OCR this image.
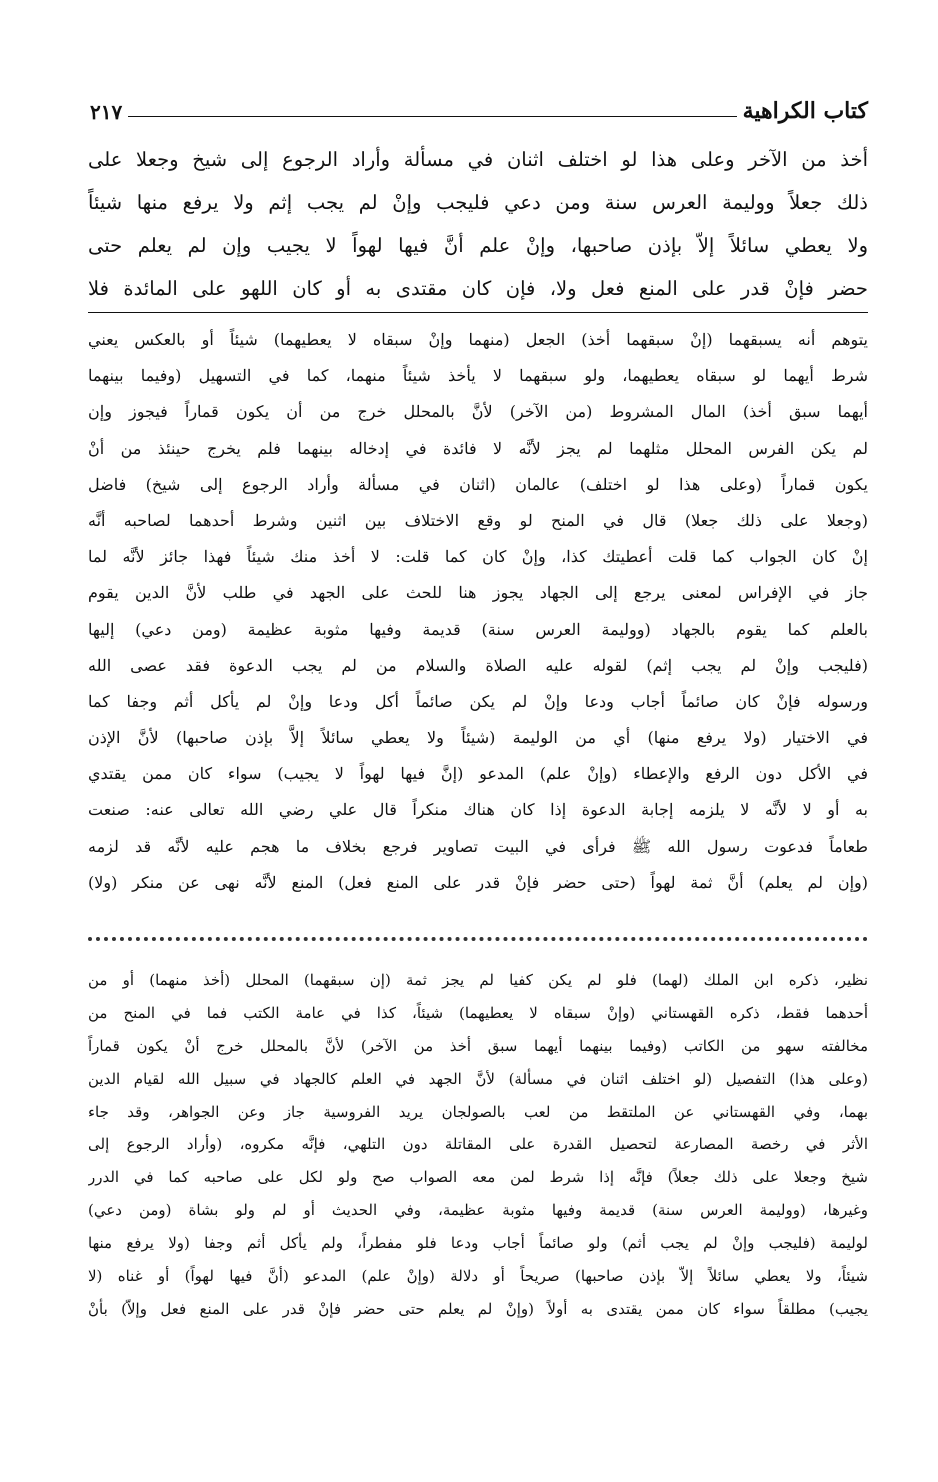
كتاب الكراهية
٢١٧
أخذ من الآخر وعلى هذا لو اختلف اثنان في مسألة وأراد الرجوع إلى شيخ وجعلا على
ذلك جعلاً ووليمة العرس سنة ومن دعي فليجب وإنْ لم يجب إثم ولا يرفع منها شيئاً
ولا يعطي سائلاً إلاّ بإذن صاحبها، وإنْ علم أنَّ فيها لهواً لا يجيب وإن لم يعلم حتى
حضر فإنْ قدر على المنع فعل ولا، فإن كان مقتدى به أو كان اللهو على المائدة فلا
يتوهم أنه يسبقهما (إنْ سبقهما أخذ) الجعل (منهما وإنْ سبقاه لا يعطيهما) شيئاً أو بالعكس يعني
شرط أيهما لو سبقاه يعطيهما، ولو سبقهما لا يأخذ شيئاً منهما، كما في التسهيل (وفيما بينهما
أيهما سبق أخذ) المال المشروط (من الآخر) لأنَّ بالمحلل خرج من أن يكون قماراً فيجوز وإن
لم يكن الفرس المحلل مثلهما لم يجز لأنَّه لا فائدة في إدخاله بينهما فلم يخرج حينئذ من أنْ
يكون قماراً (وعلى هذا لو اختلف) عالمان (اثنان في مسألة وأراد الرجوع إلى شيخ) فاضل
(وجعلا على ذلك جعلا) قال في المنح لو وقع الاختلاف بين اثنين وشرط أحدهما لصاحبه أنَّه
إنْ كان الجواب كما قلت أعطيتك كذا، وإنْ كان كما قلت: لا أخذ منك شيئاً فهذا جائز لأنَّه لما
جاز في الإفراس لمعنى يرجع إلى الجهاد يجوز هنا للحث على الجهد في طلب لأنَّ الدين يقوم
بالعلم كما يقوم بالجهاد (ووليمة العرس سنة) قديمة وفيها مثوبة عظيمة (ومن دعي) إليها
(فليجب وإنْ لم يجب إثم) لقوله عليه الصلاة والسلام من لم يجب الدعوة فقد عصى الله
ورسوله فإنْ كان صائماً أجاب ودعا وإنْ لم يكن صائماً أكل ودعا وإنْ لم يأكل أثم وجفا كما
في الاختيار (ولا يرفع منها) أي من الوليمة (شيئاً ولا يعطي سائلاً إلاَّ بإذن صاحبها) لأنَّ الإذن
في الأكل دون الرفع والإعطاء (وإنْ علم) المدعو (إنَّ فيها لهواً لا يجيب) سواء كان ممن يقتدي
به أو لا لأنَّه لا يلزمه إجابة الدعوة إذا كان هناك منكراً قال علي رضي الله تعالى عنه: صنعت
طعاماً فدعوت رسول الله ﷺ فرأى في البيت تصاوير فرجع بخلاف ما هجم عليه لأنَّه قد لزمه
(وإن لم يعلم) أنَّ ثمة لهواً (حتى حضر فإنْ قدر على المنع فعل) المنع لأنَّه نهى عن منكر (ولا)
نظير، ذكره ابن الملك (لهما) فلو لم يكن كفيا لم يجز ثمة (إن سبقهما) المحلل (أخذ منهما) أو من
أحدهما فقط، ذكره القهستاني (وإنْ سبقاه لا يعطيهما) شيئاً، كذا في عامة الكتب فما في المنح من
مخالفته سهو من الكاتب (وفيما بينهما أيهما سبق أخذ من الآخر) لأنَّ بالمحلل خرج أنْ يكون قماراً
(وعلى هذا) التفصيل (لو اختلف اثنان في مسألة) لأنَّ الجهد في العلم كالجهاد في سبيل الله لقيام الدين
بهما، وفي القهستاني عن الملتقط من لعب بالصولجان يريد الفروسية جاز وعن الجواهر، وقد جاء
الأثر في رخصة المصارعة لتحصيل القدرة على المقاتلة دون التلهي، فإنَّه مكروه، (وأراد الرجوع إلى
شيخ وجعلا على ذلك جعلاً) فإنَّه إذا شرط لمن معه الصواب صح ولو لكل على صاحبه كما في الدرر
وغيرها، (ووليمة العرس سنة) قديمة وفيها مثوبة عظيمة، وفي الحديث أو لم ولو بشاة (ومن دعي)
لوليمة (فليجب وإنْ لم يجب أثم) ولو صائماً أجاب ودعا فلو مفطراً، ولم يأكل أثم وجفا (ولا يرفع منها
شيئاً، ولا يعطي سائلاً إلاّ بإذن صاحبها) صريحاً أو دلالة (وإنْ علم) المدعو (أنَّ فيها لهواً) أو غناه (لا
يجيب) مطلقاً سواء كان ممن يقتدى به أولاً (وإنْ لم يعلم حتى حضر فإنْ قدر على المنع فعل وإلاّ) بأنْ
